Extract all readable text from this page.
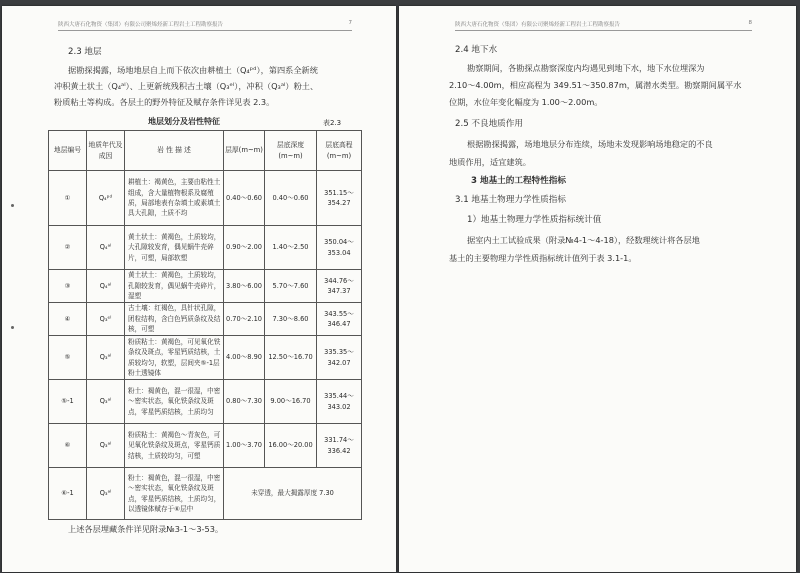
陕西大唐石化物资（集团）有限公司聚烯烃新工程岩土工程勘察报告	7
2.3 地层
据勘探揭露，场地地层自上而下依次由耕植土（Q₄ᵖᵈ），第四系全新统
冲积黄土状土（Q₄ᵃˡ）、上更新统残积古土壤（Q₃ᵉˡ），冲积（Q₃ᵃˡ）粉土、
粉质粘土等构成。各层土的野外特征及赋存条件详见表 2.3。
地层划分及岩性特征	表2.3
地层编号	地质年代及成因	岩 性 描 述	层厚(m~m)	层底深度(m~m)	层底高程(m~m)
①	Q₄ᵖᵈ	耕植土：褐黄色，主要由粘性土组成，含大量植物根系及腐殖质，局部地表有杂填土或素填土具大孔隙，土质不均	0.40～0.60	0.40～0.60	351.15～354.27
②	Q₄ᵃˡ	黄土状土：黄褐色，土质较均，大孔隙较发育，偶见蜗牛壳碎片，可塑，局部软塑	0.90～2.00	1.40～2.50	350.04～353.04
③	Q₄ᵃˡ	黄土状土：黄褐色，土质较均，孔隙较发育，偶见蜗牛壳碎片，湿塑	3.80～6.00	5.70～7.60	344.76～347.37
④	Q₃ᵉˡ	古土壤：红褐色，具针状孔隙，团粒结构，含白色钙质条纹及结核，可塑	0.70～2.10	7.30～8.60	343.55～346.47
⑤	Q₃ᵃˡ	粉质粘土：黄褐色，可见氧化铁条纹及斑点，零星钙质结核，土质较均匀，软塑，层间夹⑤-1层粉土透镜体	4.00～8.90	12.50～16.70	335.35～342.07
⑤-1	Q₃ᵃˡ	粉土：褐黄色，混一很湿，中密～密实状态，氧化铁条纹及斑点，零星钙质结核，土质均匀	0.80～7.30	9.00～16.70	335.44～343.02
⑥	Q₃ᵃˡ	粉质粘土：黄褐色～青灰色，可见氧化铁条纹及斑点，零星钙质结核，土质较均匀，可塑	1.00～3.70	16.00～20.00	331.74～336.42
⑥-1	Q₃ᵃˡ	粉土：褐黄色，混一很湿，中密～密实状态，氧化铁条纹及斑点，零星钙质结核，土质均匀，以透镜体赋存于⑥层中	未穿透，最大揭露厚度 7.30		
上述各层埋藏条件详见附录№3-1～3-53。
陕西大唐石化物资（集团）有限公司聚烯烃新工程岩土工程勘察报告	8
2.4 地下水
勘察期间，各勘探点勘察深度内均遇见到地下水，地下水位埋深为
2.10～4.00m，相应高程为 349.51～350.87m，属潜水类型。勘察期间属平水
位期，水位年变化幅度为 1.00～2.00m。
2.5 不良地质作用
根据勘探揭露，场地地层分布连续，场地未发现影响场地稳定的不良
地质作用，适宜建筑。
3 地基土的工程特性指标
3.1 地基土物理力学性质指标
1）地基土物理力学性质指标统计值
据室内土工试验成果（附录№4-1～4-18），经数理统计将各层地
基土的主要物理力学性质指标统计值列于表 3.1-1。
